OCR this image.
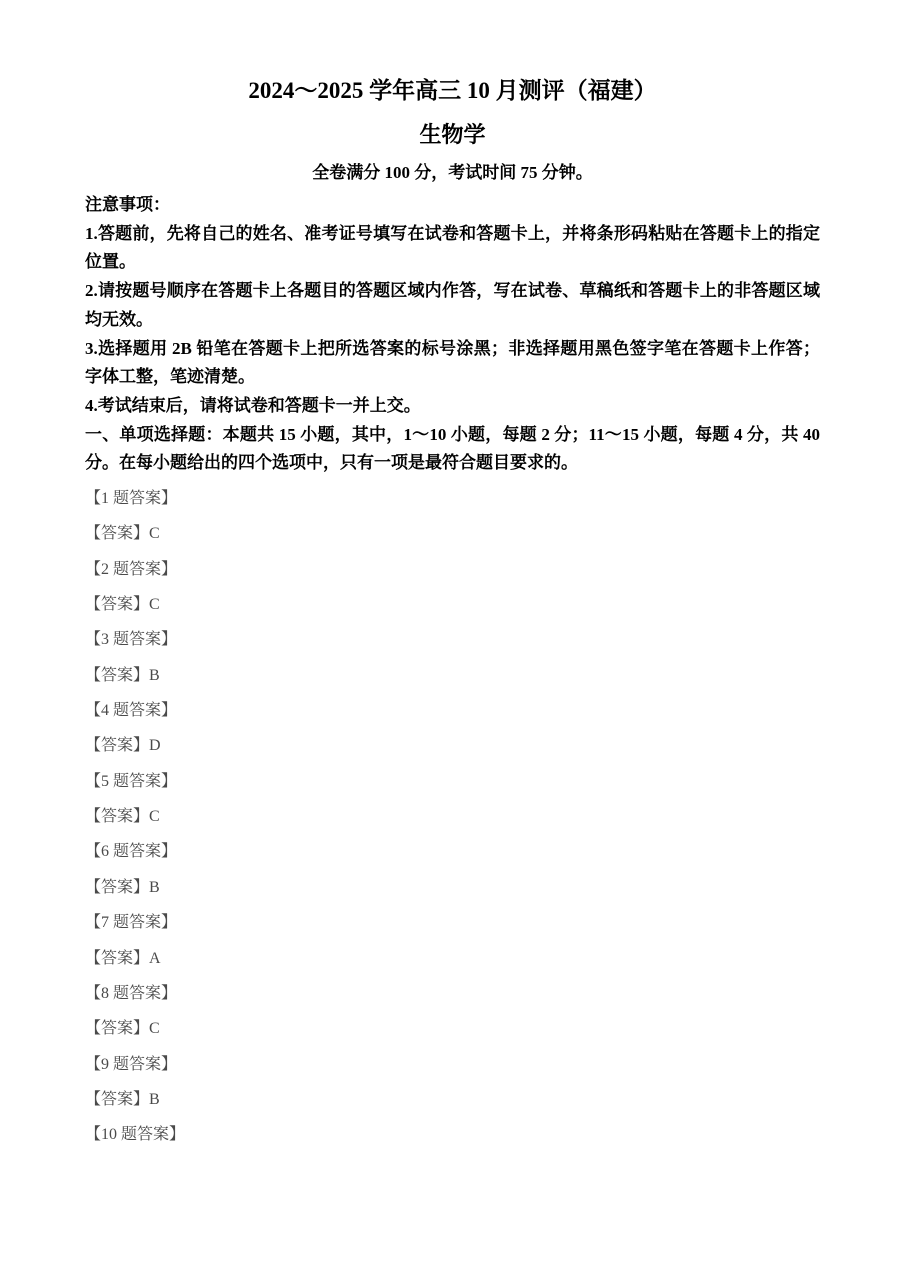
2024～2025 学年高三 10 月测评（福建）
生物学

全卷满分 100 分，考试时间 75 分钟。

注意事项：

1.答题前，先将自己的姓名、准考证号填写在试卷和答题卡上，并将条形码粘贴在答题卡上的指定位置。

2.请按题号顺序在答题卡上各题目的答题区域内作答，写在试卷、草稿纸和答题卡上的非答题区域均无效。

3.选择题用 2B 铅笔在答题卡上把所选答案的标号涂黑；非选择题用黑色签字笔在答题卡上作答；字体工整，笔迹清楚。

4.考试结束后，请将试卷和答题卡一并上交。

一、单项选择题：本题共 15 小题，其中，1～10 小题，每题 2 分；11～15 小题，每题 4 分，共 40 分。在每小题给出的四个选项中，只有一项是最符合题目要求的。

【1 题答案】
【答案】C
【2 题答案】
【答案】C
【3 题答案】
【答案】B
【4 题答案】
【答案】D
【5 题答案】
【答案】C
【6 题答案】
【答案】B
【7 题答案】
【答案】A
【8 题答案】
【答案】C
【9 题答案】
【答案】B
【10 题答案】
